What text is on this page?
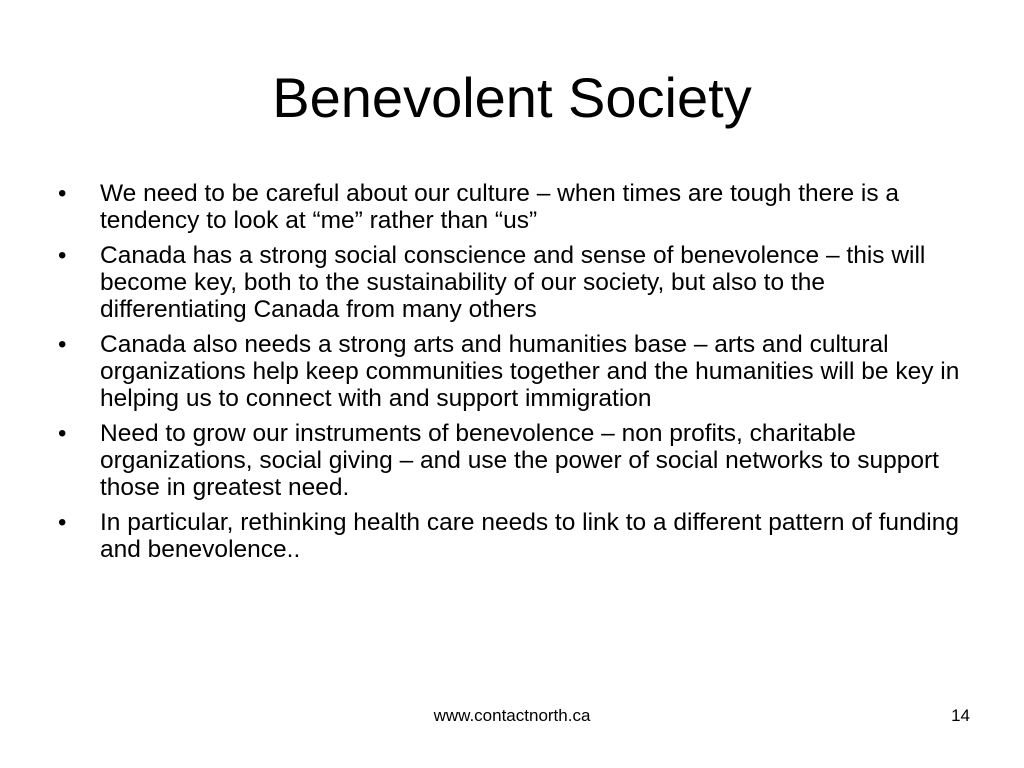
Benevolent Society
•	We need to be careful about our culture – when times are tough there is a tendency to look at “me” rather than “us”
•	Canada has a strong social conscience and sense of benevolence – this will become key, both to the sustainability of our society, but also to the differentiating Canada from many others
•	Canada also needs a strong arts and humanities base – arts and cultural organizations help keep communities together and the humanities will be key in helping us to connect with and support immigration
•	Need to grow our instruments of benevolence – non profits, charitable organizations, social giving – and use the power of social networks to support those in greatest need.
•	In particular, rethinking health care needs to link to a different pattern of funding and benevolence..
www.contactnorth.ca	14
